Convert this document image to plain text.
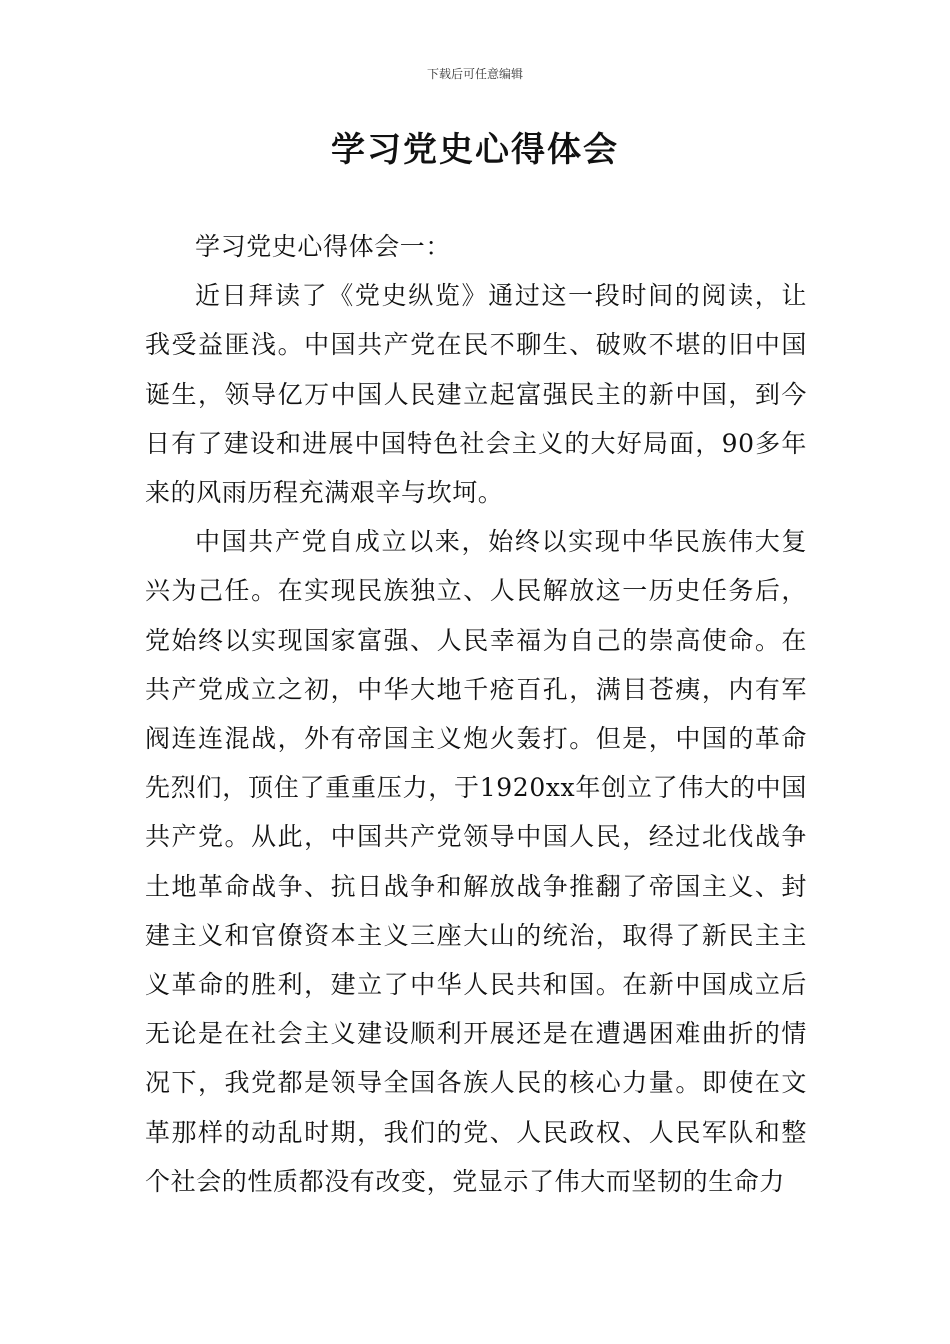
下载后可任意编辑
学习党史心得体会

学习党史心得体会一：

近日拜读了《党史纵览》通过这一段时间的阅读，让我受益匪浅。中国共产党在民不聊生、破败不堪的旧中国诞生，领导亿万中国人民建立起富强民主的新中国，到今日有了建设和进展中国特色社会主义的大好局面，90多年来的风雨历程充满艰辛与坎坷。

中国共产党自成立以来，始终以实现中华民族伟大复兴为己任。在实现民族独立、人民解放这一历史任务后，党始终以实现国家富强、人民幸福为自己的崇高使命。在共产党成立之初，中华大地千疮百孔，满目苍痍，内有军阀连连混战，外有帝国主义炮火轰打。但是，中国的革命先烈们，顶住了重重压力，于1920xx年创立了伟大的中国共产党。从此，中国共产党领导中国人民，经过北伐战争土地革命战争、抗日战争和解放战争推翻了帝国主义、封建主义和官僚资本主义三座大山的统治，取得了新民主主义革命的胜利，建立了中华人民共和国。在新中国成立后无论是在社会主义建设顺利开展还是在遭遇困难曲折的情况下，我党都是领导全国各族人民的核心力量。即使在文革那样的动乱时期，我们的党、人民政权、人民军队和整个社会的性质都没有改变，党显示了伟大而坚韧的生命力
